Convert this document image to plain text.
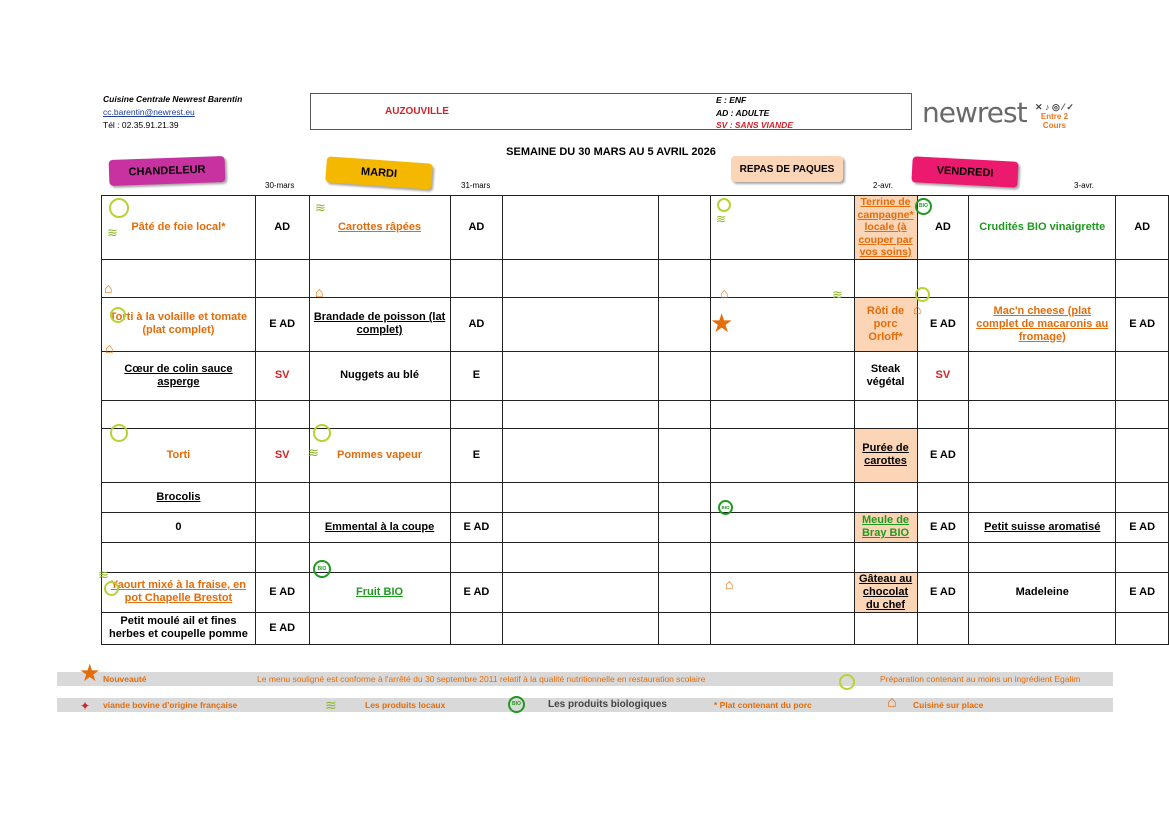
Cuisine Centrale Newrest Barentin
cc.barentin@newrest.eu
Tél : 02.35.91.21.39
AUZOUVILLE
E : ENF
AD : ADULTE
SV : SANS VIANDE	newrest ✕ ♪ ◎ ⁄ ✓
Entre 2
Cours
SEMAINE DU 30 MARS AU 5 AVRIL 2026
CHANDELEUR
30-mars
MARDI
31-mars
REPAS DE PAQUES
2-avr.
VENDREDI
3-avr.
Pâté de foie local*	AD	Carottes râpées	AD				Terrine de campagne* locale (à couper par vos soins)	AD	Crudités BIO vinaigrette	AD

Torti à la volaille et tomate (plat complet)	E AD	Brandade de poisson (lat complet)	AD				Rôti de porc Orloff*	E AD	Mac'n cheese (plat complet de macaronis au fromage)	E AD
Cœur de colin sauce asperge	SV	Nuggets au blé	E				Steak végétal	SV		

Torti	SV	Pommes vapeur	E				Purée de carottes	E AD		
Brocolis										
0		Emmental à la coupe	E AD				Meule de Bray BIO	E AD	Petit suisse aromatisé	E AD

Yaourt mixé à la fraise, en pot Chapelle Brestot	E AD	Fruit BIO	E AD				Gâteau au chocolat du chef	E AD	Madeleine	E AD
Petit moulé ail et fines herbes et coupelle pomme	E AD									
Nouveauté	Le menu souligné est conforme à l'arrêté du 30 septembre 2011 relatif à la qualité nutritionnelle en restauration scolaire	Préparation contenant au moins un ingrédient Egalim
viande bovine d'origine française	Les produits locaux	Les produits biologiques	* Plat contenant du porc	Cuisiné sur place
★
✦	≋	BIO	⌂
≋
≋
≋
BIO
⌂	⌂	⌂	≋
★	⌂
⌂
≋
BIO
≋	BIO
⌂
